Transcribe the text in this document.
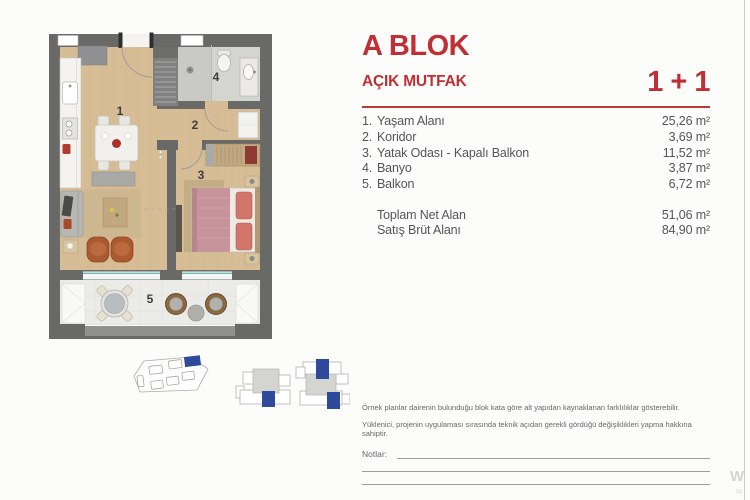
1
2
3
4
5
A BLOK
AÇIK MUTFAK	1 + 1
1. Yaşam Alanı	25,26 m²
2. Koridor	3,69 m²
3. Yatak Odası - Kapalı Balkon	11,52 m²
4. Banyo	3,87 m²
5. Balkon	6,72 m²
Toplam Net Alan	51,06 m²
Satış Brüt Alanı	84,90 m²
Örnek planlar dairenin bulunduğu blok kata göre alt yapıdan kaynaklanan farklılıklar gösterebilir.
Yüklenici, projenin uygulaması sırasında teknik açıdan gerekli gördüğü değişiklikleri yapma hakkına sahiptir.
Notlar:
W
w
